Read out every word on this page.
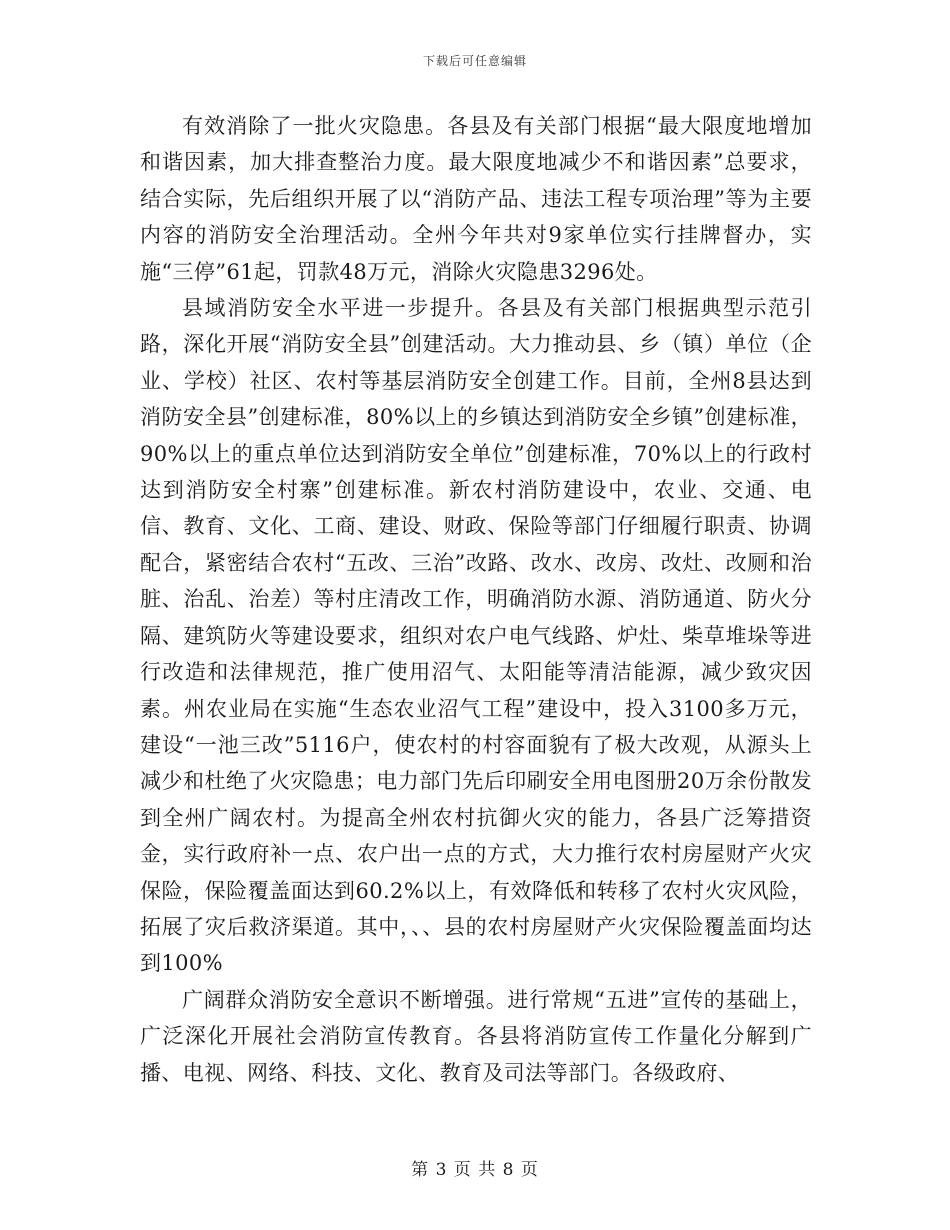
下载后可任意编辑

有效消除了一批火灾隐患。各县及有关部门根据“最大限度地增加和谐因素，加大排查整治力度。最大限度地减少不和谐因素”总要求，结合实际，先后组织开展了以“消防产品、违法工程专项治理”等为主要内容的消防安全治理活动。全州今年共对9家单位实行挂牌督办，实施“三停”61起，罚款48万元，消除火灾隐患3296处。

县域消防安全水平进一步提升。各县及有关部门根据典型示范引路，深化开展“消防安全县”创建活动。大力推动县、乡（镇）单位（企业、学校）社区、农村等基层消防安全创建工作。目前，全州8县达到消防安全县”创建标准，80%以上的乡镇达到消防安全乡镇”创建标准，90%以上的重点单位达到消防安全单位”创建标准，70%以上的行政村达到消防安全村寨”创建标准。新农村消防建设中，农业、交通、电信、教育、文化、工商、建设、财政、保险等部门仔细履行职责、协调配合，紧密结合农村“五改、三治”改路、改水、改房、改灶、改厕和治脏、治乱、治差）等村庄清改工作，明确消防水源、消防通道、防火分隔、建筑防火等建设要求，组织对农户电气线路、炉灶、柴草堆垛等进行改造和法律规范，推广使用沼气、太阳能等清洁能源，减少致灾因素。州农业局在实施“生态农业沼气工程”建设中，投入3100多万元，建设“一池三改”5116户，使农村的村容面貌有了极大改观，从源头上减少和杜绝了火灾隐患；电力部门先后印刷安全用电图册20万余份散发到全州广阔农村。为提高全州农村抗御火灾的能力，各县广泛筹措资金，实行政府补一点、农户出一点的方式，大力推行农村房屋财产火灾保险，保险覆盖面达到60.2%以上，有效降低和转移了农村火灾风险，拓展了灾后救济渠道。其中，、、县的农村房屋财产火灾保险覆盖面均达到100%

广阔群众消防安全意识不断增强。进行常规“五进”宣传的基础上，广泛深化开展社会消防宣传教育。各县将消防宣传工作量化分解到广播、电视、网络、科技、文化、教育及司法等部门。各级政府、

第 3 页 共 8 页
